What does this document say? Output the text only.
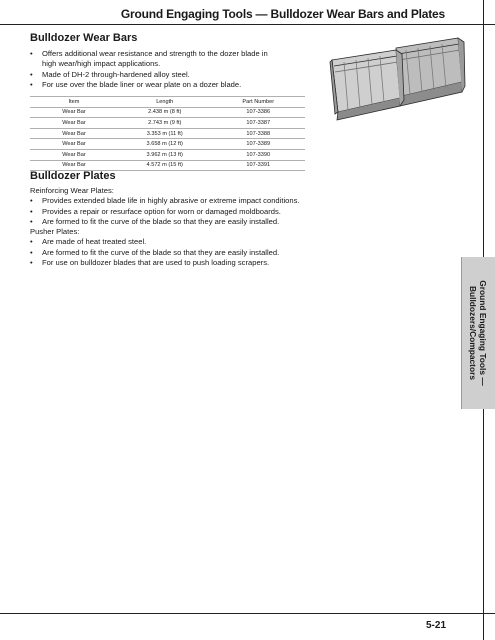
Ground Engaging Tools — Bulldozer Wear Bars and Plates
Bulldozer Wear Bars
• Offers additional wear resistance and strength to the dozer blade in high wear/high impact applications.
• Made of DH-2 through-hardened alloy steel.
• For use over the blade liner or wear plate on a dozer blade.
Item	Length	Part Number
Wear Bar	2.438 m (8 ft)	107-3386
Wear Bar	2.743 m (9 ft)	107-3387
Wear Bar	3.353 m (11 ft)	107-3388
Wear Bar	3.658 m (12 ft)	107-3389
Wear Bar	3.962 m (13 ft)	107-3390
Wear Bar	4.572 m (15 ft)	107-3391
Bulldozer Plates
Reinforcing Wear Plates:
• Provides extended blade life in highly abrasive or extreme impact conditions.
• Provides a repair or resurface option for worn or damaged moldboards.
• Are formed to fit the curve of the blade so that they are easily installed.
Pusher Plates:
• Are made of heat treated steel.
• Are formed to fit the curve of the blade so that they are easily installed.
• For use on bulldozer blades that are used to push loading scrapers.
Ground Engaging Tools —
Bulldozers/Compactors
5-21
